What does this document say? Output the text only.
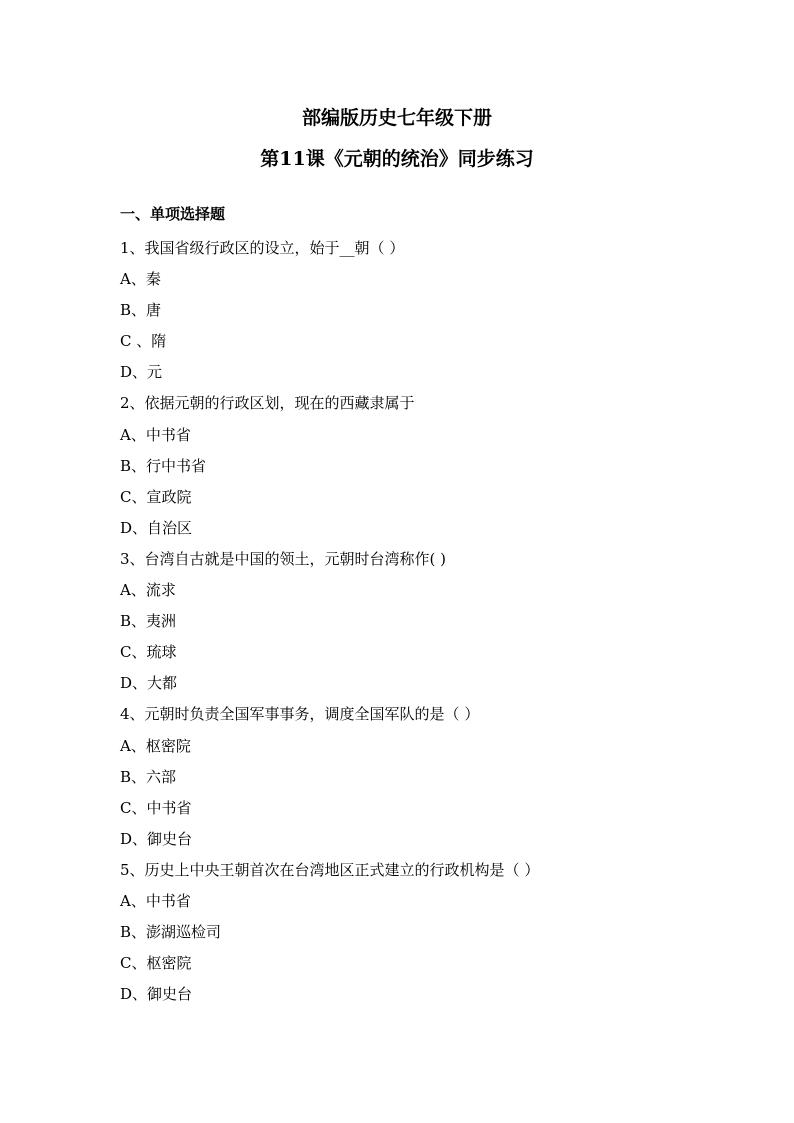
部编版历史七年级下册
第11课《元朝的统治》同步练习
一、单项选择题
1、我国省级行政区的设立，始于__朝（ ）
A、秦
B、唐
C 、隋
D、元
2、依据元朝的行政区划，现在的西藏隶属于
A、中书省
B、行中书省
C、宣政院
D、自治区
3、台湾自古就是中国的领土，元朝时台湾称作( )
A、流求
B、夷洲
C、琉球
D、大都
4、元朝时负责全国军事事务，调度全国军队的是（ ）
A、枢密院
B、六部
C、中书省
D、御史台
5、历史上中央王朝首次在台湾地区正式建立的行政机构是（ ）
A、中书省
B、澎湖巡检司
C、枢密院
D、御史台
